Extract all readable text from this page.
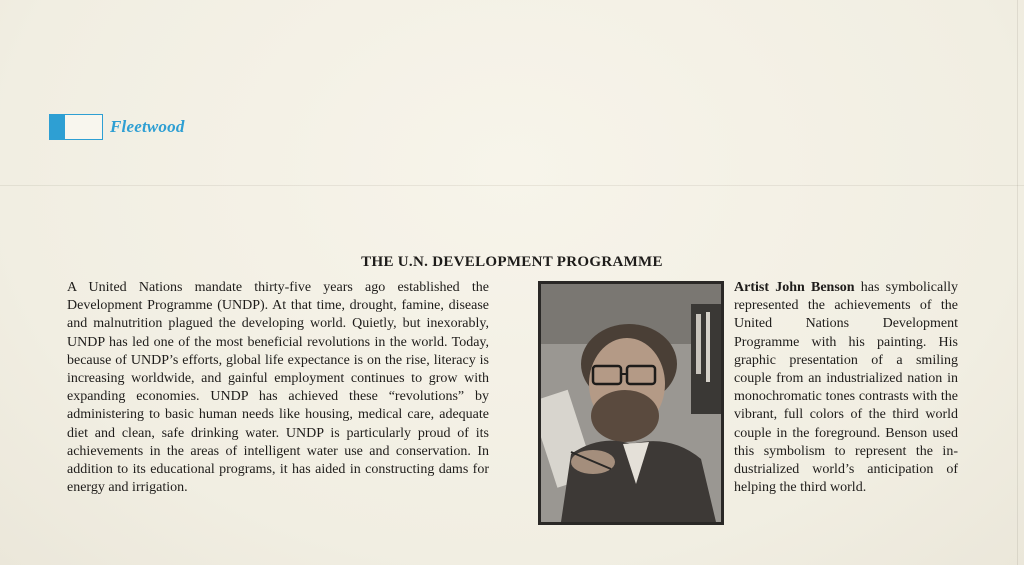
Fleetwood
THE U.N. DEVELOPMENT PROGRAMME
A United Nations mandate thirty-five years ago established the Development Programme (UNDP). At that time, drought, famine, disease and malnutrition plagued the developing world. Quietly, but inexorably, UNDP has led one of the most beneficial revolutions in the world. Today, because of UNDP’s efforts, global life expectance is on the rise, literacy is increasing worldwide, and gainful employment continues to grow with expanding economies. UNDP has achieved these “revolutions” by administering to basic human needs like housing, medical care, adequate diet and clean, safe drinking water. UNDP is particularly proud of its achievements in the areas of intelligent water use and conservation. In addition to its educational programs, it has aided in constructing dams for energy and irrigation.
Artist John Benson has symbolically represented the achievements of the United Nations Development Programme with his painting. His graphic presentation of a smiling couple from an industrialized nation in monochromatic tones contrasts with the vibrant, full colors of the third world couple in the foreground. Benson used this symbolism to represent the industrialized world’s anticipation of helping the third world.
